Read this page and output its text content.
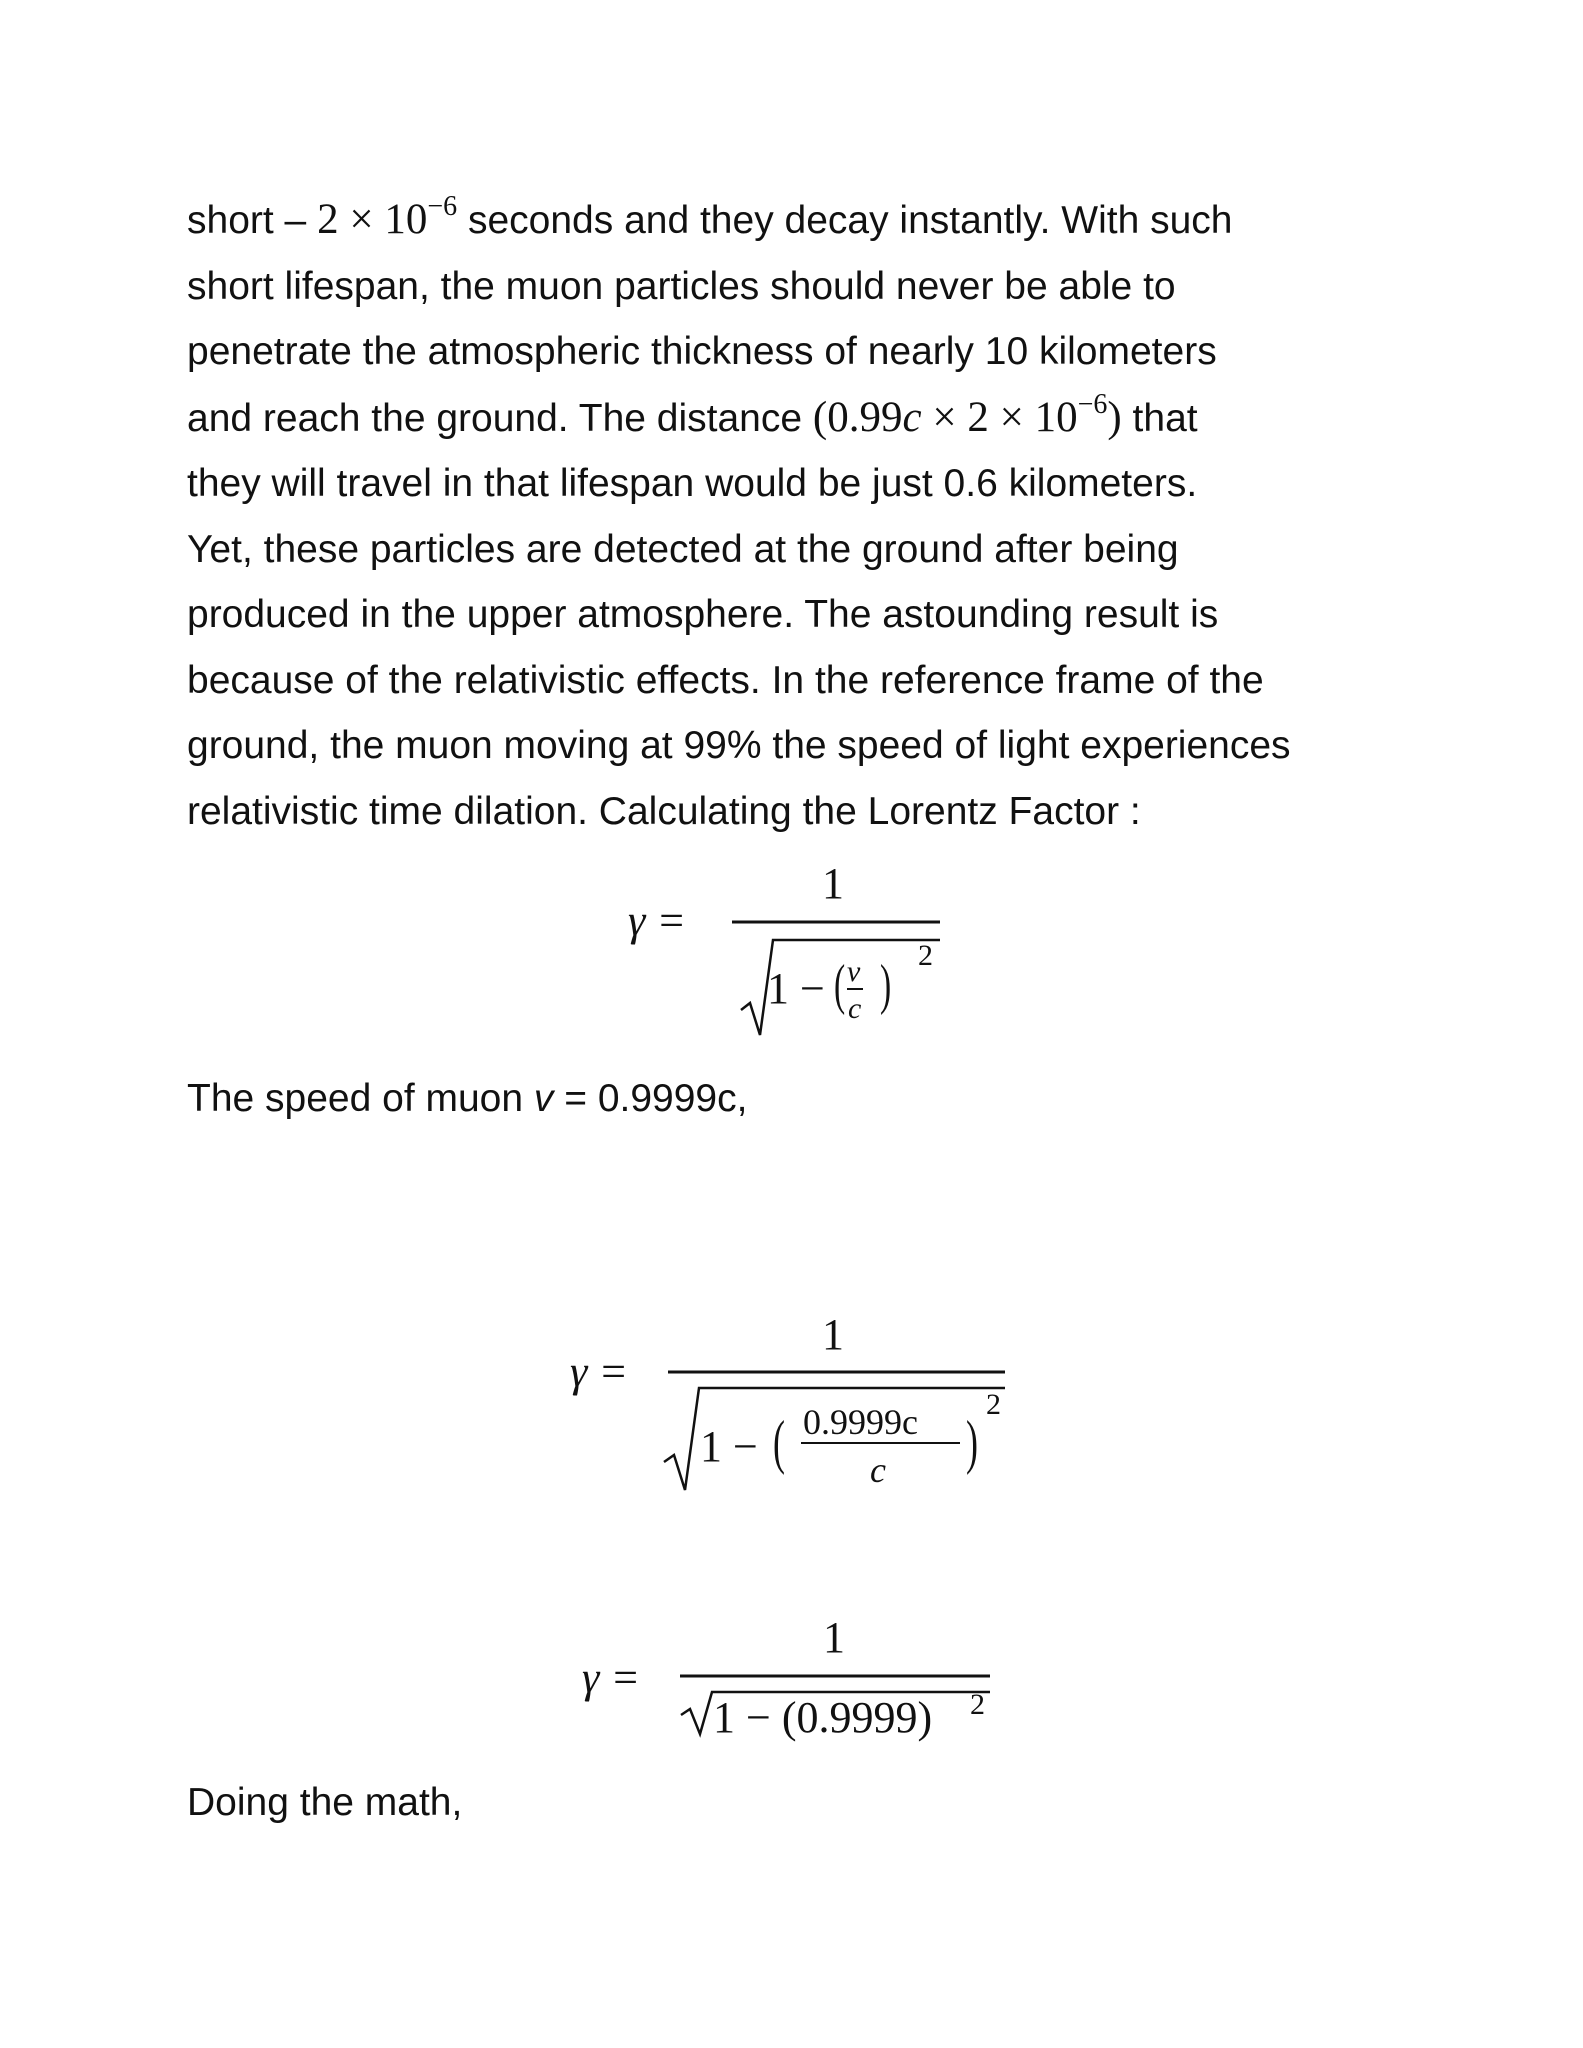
short – $2 \times 10^{-6}$ seconds and they decay instantly. With such
short lifespan, the muon particles should never be able to
penetrate the atmospheric thickness of nearly 10 kilometers
and reach the ground. The distance $(0.99c \times 2 \times 10^{-6})$ that
they will travel in that lifespan would be just 0.6 kilometers.
Yet, these particles are detected at the ground after being
produced in the upper atmosphere. The astounding result is
because of the relativistic effects. In the reference frame of the
ground, the muon moving at 99% the speed of light experiences
relativistic time dilation. Calculating the Lorentz Factor :

The speed of muon v = 0.9999c,

Doing the math,

γ =
1
1 − ( v
c ) 2
γ =
1
1 − ( 0.9999c
c )
2
γ =
1
1 − (0.9999) 2
